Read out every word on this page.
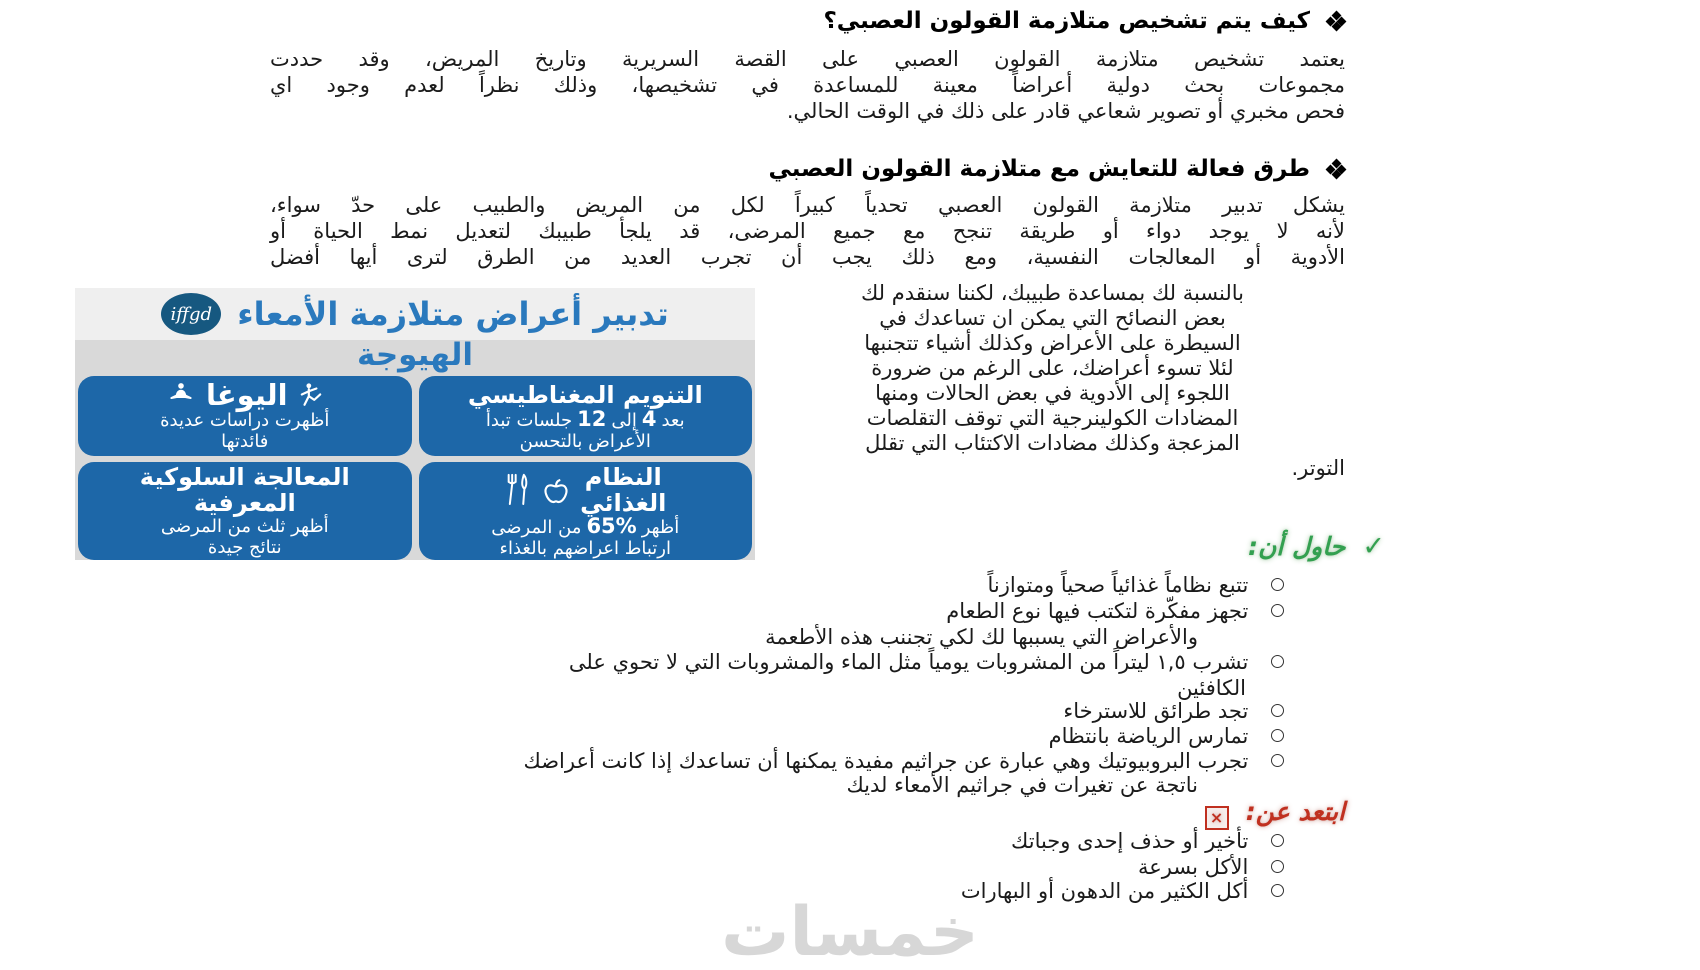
كيف يتم تشخيص متلازمة القولون العصبي؟
يعتمد تشخيص متلازمة القولون العصبي على القصة السريرية وتاريخ المريض، وقد حددت
مجموعات بحث دولية أعراضاً معينة للمساعدة في تشخيصها، وذلك نظراً لعدم وجود اي
فحص مخبري أو تصوير شعاعي قادر على ذلك في الوقت الحالي.
طرق فعالة للتعايش مع متلازمة القولون العصبي
يشكل تدبير متلازمة القولون العصبي تحدياً كبيراً لكل من المريض والطبيب على حدّ سواء،
لأنه لا يوجد دواء أو طريقة تنجح مع جميع المرضى، قد يلجأ طبيبك لتعديل نمط الحياة أو
الأدوية أو المعالجات النفسية، ومع ذلك يجب أن تجرب العديد من الطرق لترى أيها أفضل
بالنسبة لك بمساعدة طبيبك، لكننا سنقدم لك
بعض النصائح التي يمكن ان تساعدك في
السيطرة على الأعراض وكذلك أشياء تتجنبها
لئلا تسوء أعراضك، على الرغم من ضرورة
اللجوء إلى الأدوية في بعض الحالات ومنها
المضادات الكولينرجية التي توقف التقلصات
المزعجة وكذلك مضادات الاكتئاب التي تقلل
التوتر.
تدبير أعراض متلازمة الأمعاء
iffgd
الهيوجة
اليوغا
أظهرت دراسات عديدة
فائدتها
التنويم المغناطيسي
بعد
4
إلى
12
جلسات تبدأ
الأعراض بالتحسن
المعالجة السلوكية
المعرفية
أظهر ثلث من المرضى
نتائج جيدة
النظام
الغذائي
أظهر
65%
من المرضى
ارتباط اعراضهم بالغذاء	✓ حاول أن:
تتبع نظاماً غذائياً صحياً ومتوازناً
تجهز مفكّرة لتكتب فيها نوع الطعام
والأعراض التي يسببها لك لكي تجننب هذه الأطعمة
تشرب ١,٥ ليتراً من المشروبات يومياً مثل الماء والمشروبات التي لا تحوي على
الكافئين
تجد طرائق للاسترخاء
تمارس الرياضة بانتظام
تجرب البروبيوتيك وهي عبارة عن جراثيم مفيدة يمكنها أن تساعدك إذا كانت أعراضك
ناتجة عن تغيرات في جراثيم الأمعاء لديك
ابتعد عن: ×
تأخير أو حذف إحدى وجباتك
الأكل بسرعة
أكل الكثير من الدهون أو البهارات
خمسات
